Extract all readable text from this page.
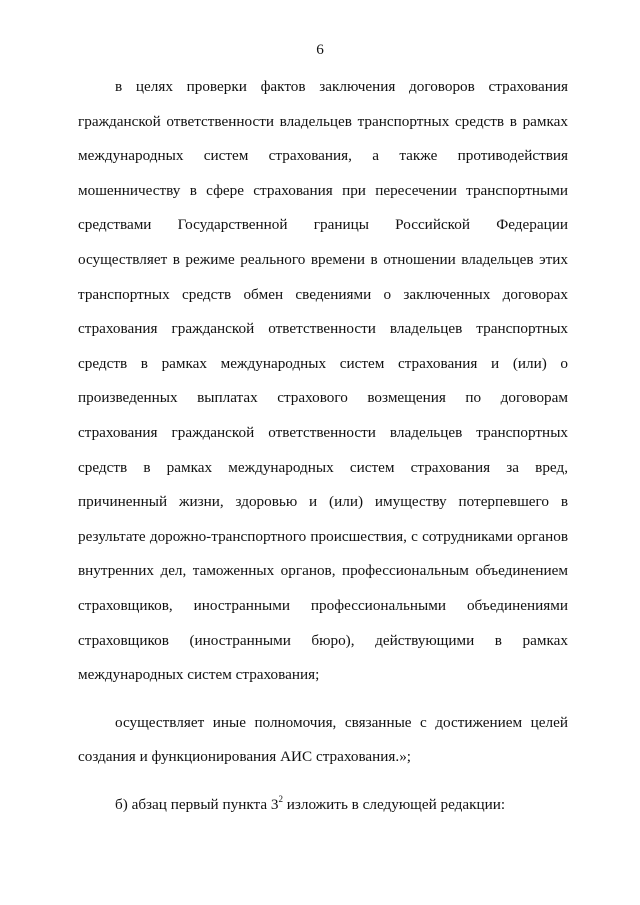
6

в целях проверки фактов заключения договоров страхования гражданской ответственности владельцев транспортных средств в рамках международных систем страхования, а также противодействия мошенничеству в сфере страхования при пересечении транспортными средствами Государственной границы Российской Федерации осуществляет в режиме реального времени в отношении владельцев этих транспортных средств обмен сведениями о заключенных договорах страхования гражданской ответственности владельцев транспортных средств в рамках международных систем страхования и (или) о произведенных выплатах страхового возмещения по договорам страхования гражданской ответственности владельцев транспортных средств в рамках международных систем страхования за вред, причиненный жизни, здоровью и (или) имуществу потерпевшего в результате дорожно-транспортного происшествия, с сотрудниками органов внутренних дел, таможенных органов, профессиональным объединением страховщиков, иностранными профессиональными объединениями страховщиков (иностранными бюро), действующими в рамках международных систем страхования;

осуществляет иные полномочия, связанные с достижением целей создания и функционирования АИС страхования.»;

б) абзац первый пункта $3^2$ изложить в следующей редакции:
